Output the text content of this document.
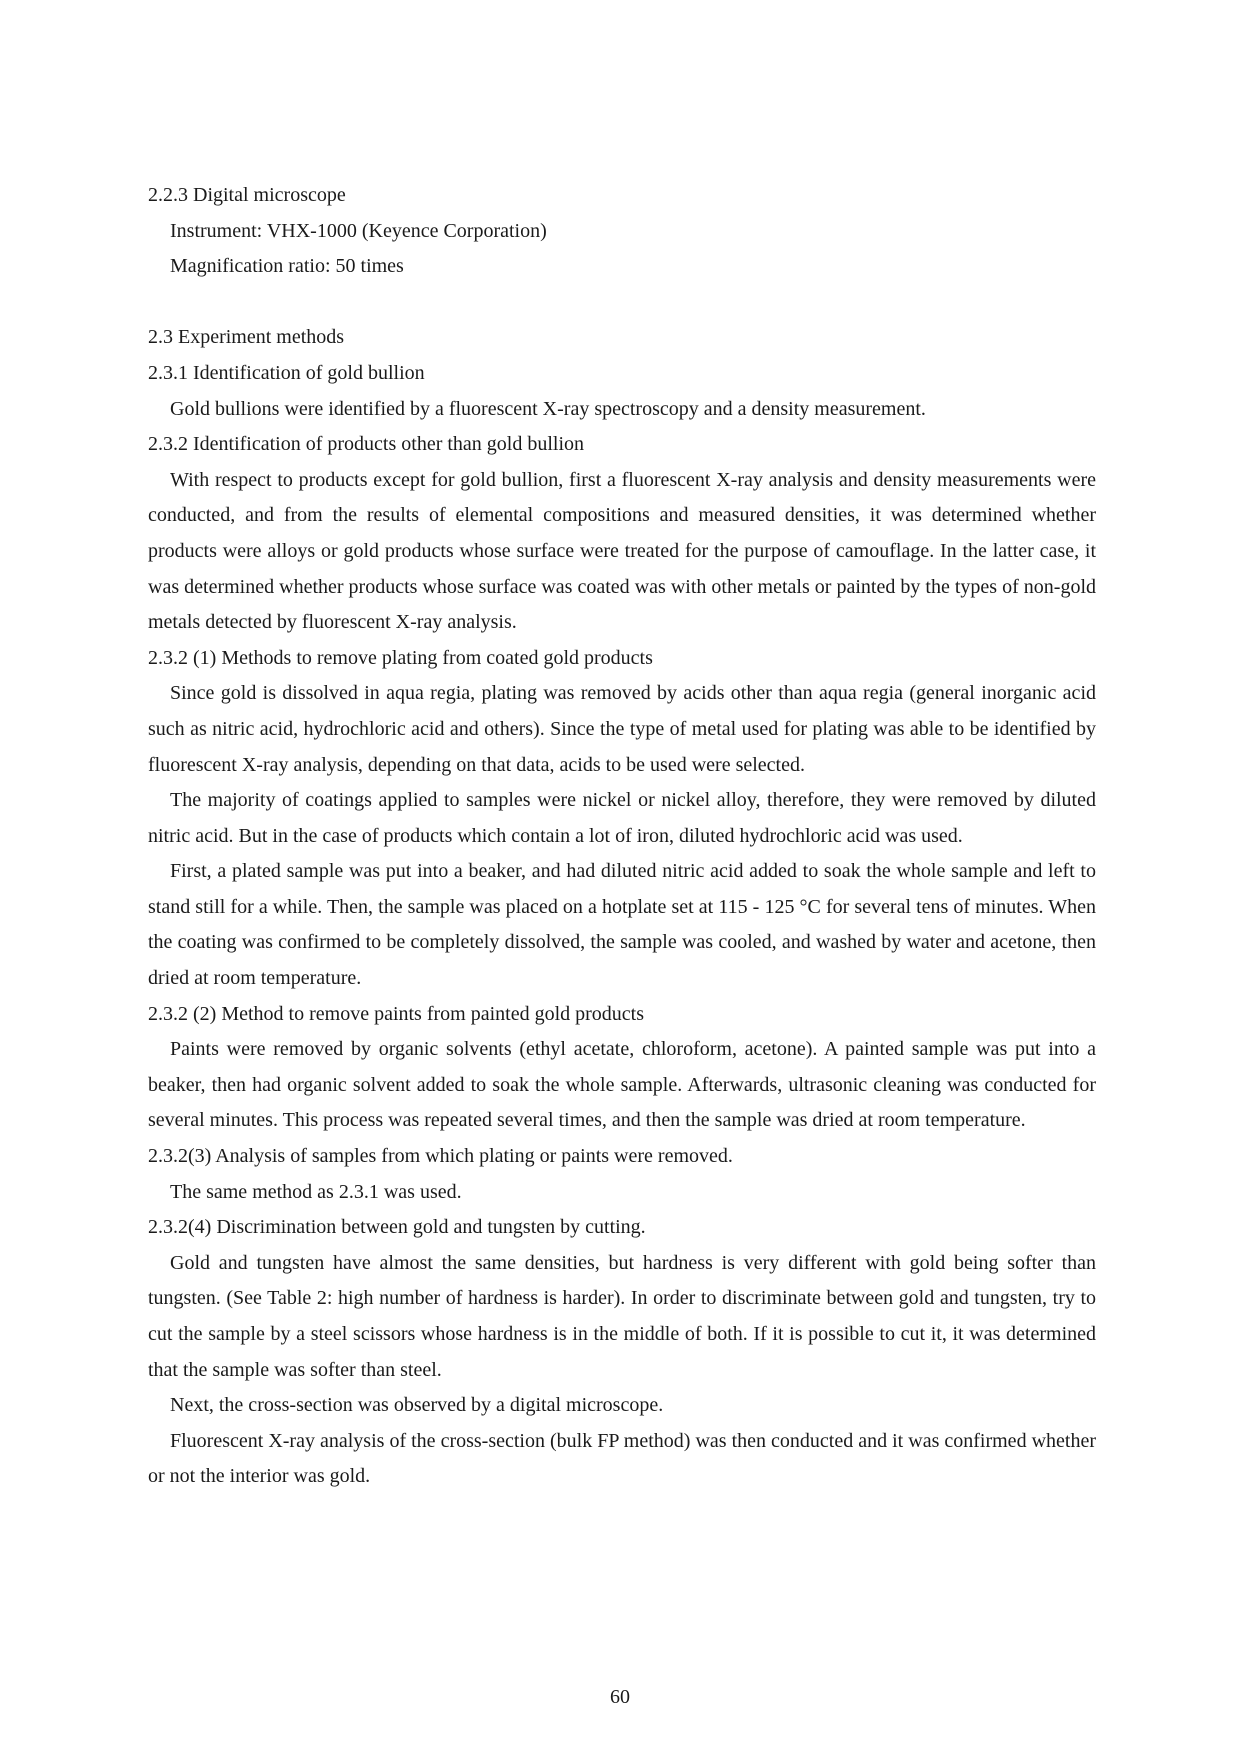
2.2.3 Digital microscope

Instrument: VHX-1000 (Keyence Corporation)

Magnification ratio: 50 times

2.3 Experiment methods

2.3.1 Identification of gold bullion

Gold bullions were identified by a fluorescent X-ray spectroscopy and a density measurement.

2.3.2 Identification of products other than gold bullion

With respect to products except for gold bullion, first a fluorescent X-ray analysis and density measurements were conducted, and from the results of elemental compositions and measured densities, it was determined whether products were alloys or gold products whose surface were treated for the purpose of camouflage. In the latter case, it was determined whether products whose surface was coated was with other metals or painted by the types of non-gold metals detected by fluorescent X-ray analysis.

2.3.2 (1) Methods to remove plating from coated gold products

Since gold is dissolved in aqua regia, plating was removed by acids other than aqua regia (general inorganic acid such as nitric acid, hydrochloric acid and others). Since the type of metal used for plating was able to be identified by fluorescent X-ray analysis, depending on that data, acids to be used were selected.

The majority of coatings applied to samples were nickel or nickel alloy, therefore, they were removed by diluted nitric acid. But in the case of products which contain a lot of iron, diluted hydrochloric acid was used.

First, a plated sample was put into a beaker, and had diluted nitric acid added to soak the whole sample and left to stand still for a while. Then, the sample was placed on a hotplate set at 115 - 125 °C for several tens of minutes. When the coating was confirmed to be completely dissolved, the sample was cooled, and washed by water and acetone, then dried at room temperature.

2.3.2 (2) Method to remove paints from painted gold products

Paints were removed by organic solvents (ethyl acetate, chloroform, acetone). A painted sample was put into a beaker, then had organic solvent added to soak the whole sample. Afterwards, ultrasonic cleaning was conducted for several minutes. This process was repeated several times, and then the sample was dried at room temperature.

2.3.2(3) Analysis of samples from which plating or paints were removed.

The same method as 2.3.1 was used.

2.3.2(4) Discrimination between gold and tungsten by cutting.

Gold and tungsten have almost the same densities, but hardness is very different with gold being softer than tungsten. (See Table 2: high number of hardness is harder). In order to discriminate between gold and tungsten, try to cut the sample by a steel scissors whose hardness is in the middle of both. If it is possible to cut it, it was determined that the sample was softer than steel.

Next, the cross-section was observed by a digital microscope.

Fluorescent X-ray analysis of the cross-section (bulk FP method) was then conducted and it was confirmed whether or not the interior was gold.

60
